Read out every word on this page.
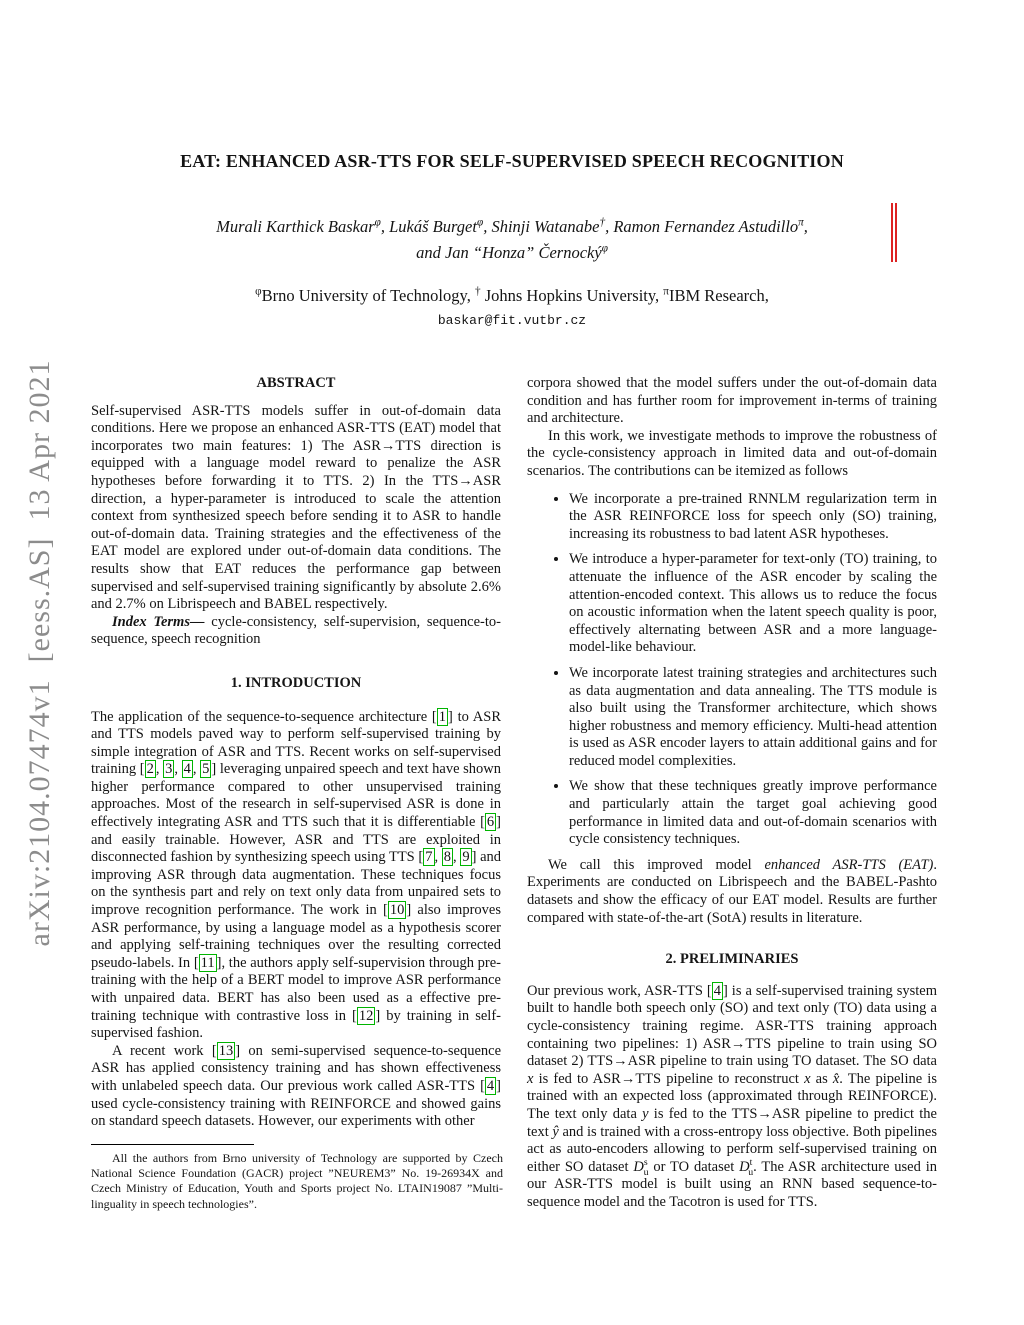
arXiv:2104.07474v1  [eess.AS]  13 Apr 2021
EAT: ENHANCED ASR-TTS FOR SELF-SUPERVISED SPEECH RECOGNITION
Murali Karthick Baskar$^\varphi$, Lukáš Burget$^\varphi$, Shinji Watanabe†, Ramon Fernandez Astudillo$^\pi$,
and Jan “Honza” Černocký$^\varphi$
$^\varphi$Brno University of Technology, † Johns Hopkins University, $^\pi$IBM Research,
baskar@fit.vutbr.cz
ABSTRACT

Self-supervised ASR-TTS models suffer in out-of-domain data conditions. Here we propose an enhanced ASR-TTS (EAT) model that incorporates two main features: 1) The ASR→TTS direction is equipped with a language model reward to penalize the ASR hypotheses before forwarding it to TTS. 2) In the TTS→ASR direction, a hyper-parameter is introduced to scale the attention context from synthesized speech before sending it to ASR to handle out-of-domain data. Training strategies and the effectiveness of the EAT model are explored under out-of-domain data conditions. The results show that EAT reduces the performance gap between supervised and self-supervised training significantly by absolute 2.6% and 2.7% on Librispeech and BABEL respectively.

Index Terms— cycle-consistency, self-supervision, sequence-to-sequence, speech recognition

1. INTRODUCTION

The application of the sequence-to-sequence architecture [ 1 ] to ASR and TTS models paved way to perform self-supervised training by simple integration of ASR and TTS. Recent works on self-supervised training [ 2 , 3 , 4 , 5 ] leveraging unpaired speech and text have shown higher performance compared to other unsupervised training approaches. Most of the research in self-supervised ASR is done in effectively integrating ASR and TTS such that it is differentiable [ 6 ] and easily trainable. However, ASR and TTS are exploited in disconnected fashion by synthesizing speech using TTS [ 7 , 8 , 9 ] and improving ASR through data augmentation. These techniques focus on the synthesis part and rely on text only data from unpaired sets to improve recognition performance. The work in [ 10 ] also improves ASR performance, by using a language model as a hypothesis scorer and applying self-training techniques over the resulting corrected pseudo-labels. In [ 11 ], the authors apply self-supervision through pre-training with the help of a BERT model to improve ASR performance with unpaired data. BERT has also been used as a effective pre-training technique with contrastive loss in [ 12 ] by training in self-supervised fashion.

A recent work [ 13 ] on semi-supervised sequence-to-sequence ASR has applied consistency training and has shown effectiveness with unlabeled speech data. Our previous work called ASR-TTS [ 4 ] used cycle-consistency training with REINFORCE and showed gains on standard speech datasets. However, our experiments with other

All the authors from Brno university of Technology are supported by Czech National Science Foundation (GACR) project ”NEUREM3” No. 19-26934X and Czech Ministry of Education, Youth and Sports project No. LTAIN19087 ”Multi-linguality in speech technologies”.

corpora showed that the model suffers under the out-of-domain data condition and has further room for improvement in-terms of training and architecture.

In this work, we investigate methods to improve the robustness of the cycle-consistency approach in limited data and out-of-domain scenarios. The contributions can be itemized as follows

• We incorporate a pre-trained RNNLM regularization term in the ASR REINFORCE loss for speech only (SO) training, increasing its robustness to bad latent ASR hypotheses.
• We introduce a hyper-parameter for text-only (TO) training, to attenuate the influence of the ASR encoder by scaling the attention-encoded context. This allows us to reduce the focus on acoustic information when the latent speech quality is poor, effectively alternating between ASR and a more language-model-like behaviour.
• We incorporate latest training strategies and architectures such as data augmentation and data annealing. The TTS module is also built using the Transformer architecture, which shows higher robustness and memory efficiency. Multi-head attention is used as ASR encoder layers to attain additional gains and for reduced model complexities.
• We show that these techniques greatly improve performance and particularly attain the target goal achieving good performance in limited data and out-of-domain scenarios with cycle consistency techniques.

We call this improved model enhanced ASR-TTS (EAT). Experiments are conducted on Librispeech and the BABEL-Pashto datasets and show the efficacy of our EAT model. Results are further compared with state-of-the-art (SotA) results in literature.

2. PRELIMINARIES

Our previous work, ASR-TTS [ 4 ] is a self-supervised training system built to handle both speech only (SO) and text only (TO) data using a cycle-consistency training regime. ASR-TTS training approach containing two pipelines: 1) ASR→TTS pipeline to train using SO dataset 2) TTS→ASR pipeline to train using TO dataset. The SO data x is fed to ASR→TTS pipeline to reconstruct x as x̂. The pipeline is trained with an expected loss (approximated through REINFORCE). The text only data y is fed to the TTS→ASR pipeline to predict the text ŷ and is trained with a cross-entropy loss objective. Both pipelines act as auto-encoders allowing to perform self-supervised training on either SO dataset $D^s_u$ or TO dataset $D^t_u$. The ASR architecture used in our ASR-TTS model is built using an RNN based sequence-to-sequence model and the Tacotron is used for TTS.
